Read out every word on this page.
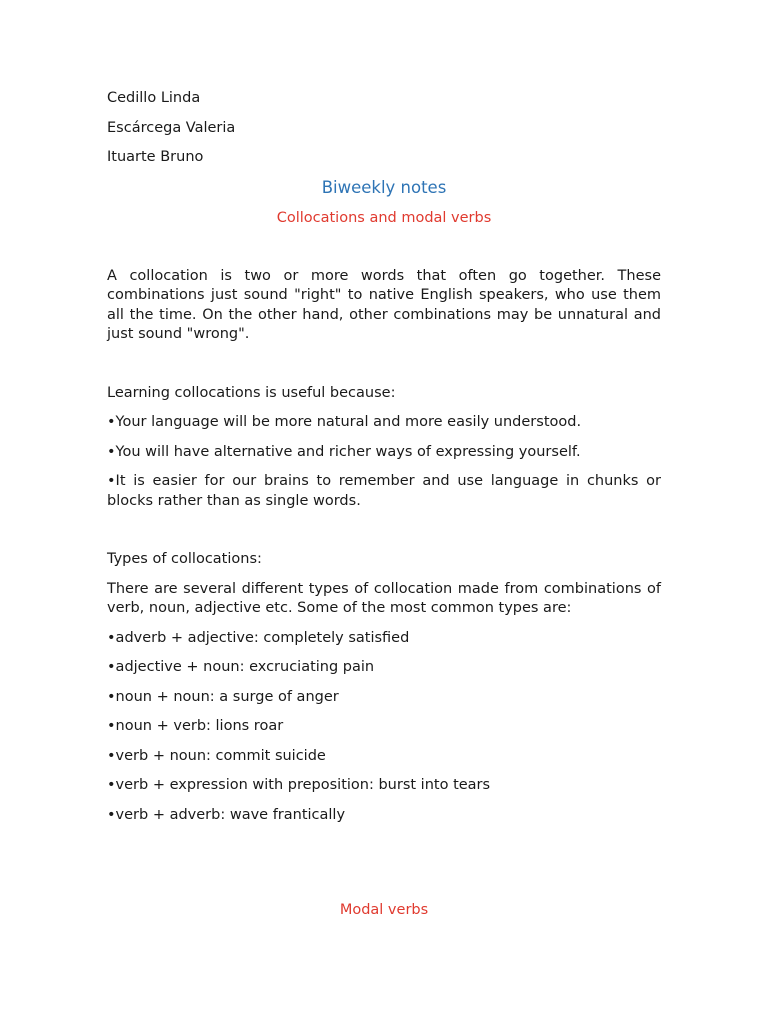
Cedillo Linda
Escárcega Valeria
Ituarte Bruno
Biweekly notes
Collocations and modal verbs

A collocation is two or more words that often go together. These combinations just sound "right" to native English speakers, who use them all the time. On the other hand, other combinations may be unnatural and just sound "wrong".

Learning collocations is useful because:
•Your language will be more natural and more easily understood.
•You will have alternative and richer ways of expressing yourself.
•It is easier for our brains to remember and use language in chunks or blocks rather than as single words.
Types of collocations:
There are several different types of collocation made from combinations of verb, noun, adjective etc. Some of the most common types are:
•adverb + adjective: completely satisfied
•adjective + noun: excruciating pain
•noun + noun: a surge of anger
•noun + verb: lions roar
•verb + noun: commit suicide
•verb + expression with preposition: burst into tears
•verb + adverb: wave frantically
Modal verbs
